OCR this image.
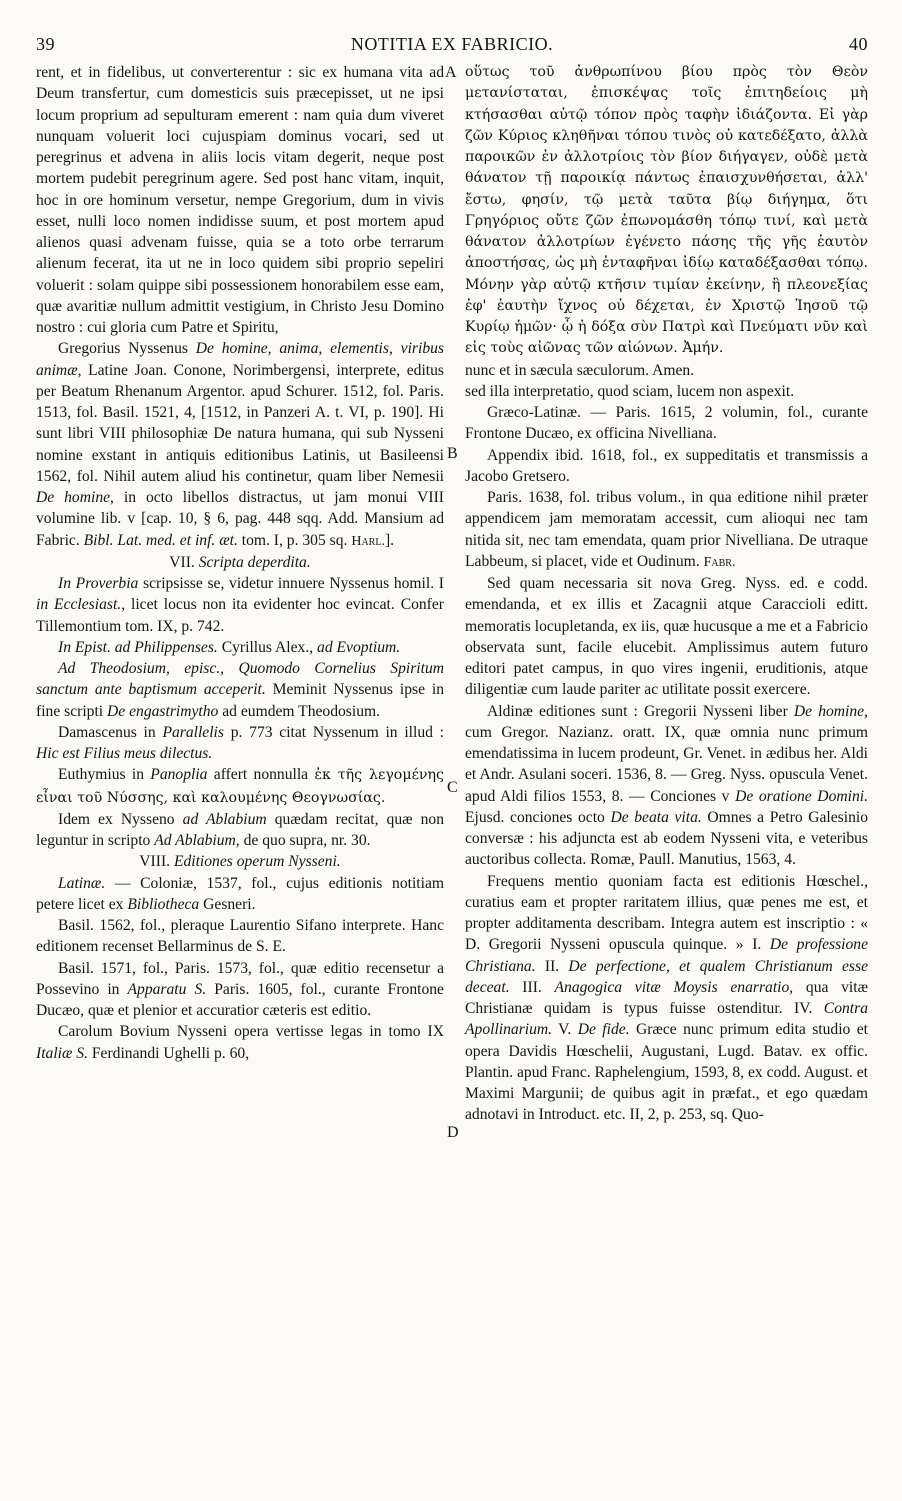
39	NOTITIA EX FABRICIO.	40
A
B
C
D

rent, et in fidelibus, ut converterentur : sic ex humana vita ad Deum transfertur, cum domesticis suis præcepisset, ut ne ipsi locum proprium ad sepulturam emerent : nam quia dum viveret nunquam voluerit loci cujuspiam dominus vocari, sed ut peregrinus et advena in aliis locis vitam degerit, neque post mortem pudebit peregrinum agere. Sed post hanc vitam, inquit, hoc in ore hominum versetur, nempe Gregorium, dum in vivis esset, nulli loco nomen indidisse suum, et post mortem apud alienos quasi advenam fuisse, quia se a toto orbe terrarum alienum fecerat, ita ut ne in loco quidem sibi proprio sepeliri voluerit : solam quippe sibi possessionem honorabilem esse eam, quæ avaritiæ nullum admittit vestigium, in Christo Jesu Domino nostro : cui gloria cum Patre et Spiritu,

Gregorius Nyssenus De homine, anima, elementis, viribus animæ, Latine Joan. Conone, Norimbergensi, interprete, editus per Beatum Rhenanum Argentor. apud Schurer. 1512, fol. Paris. 1513, fol. Basil. 1521, 4, [1512, in Panzeri A. t. VI, p. 190]. Hi sunt libri VIII philosophiæ De natura humana, qui sub Nysseni nomine exstant in antiquis editionibus Latinis, ut Basileensi 1562, fol. Nihil autem aliud his continetur, quam liber Nemesii De homine, in octo libellos distractus, ut jam monui VIII volumine lib. v [cap. 10, § 6, pag. 448 sqq. Add. Mansium ad Fabric. Bibl. Lat. med. et inf. æt. tom. I, p. 305 sq. Harl.].

VII. Scripta deperdita.

In Proverbia scripsisse se, videtur innuere Nyssenus homil. I in Ecclesiast., licet locus non ita evidenter hoc evincat. Confer Tillemontium tom. IX, p. 742.

In Epist. ad Philippenses. Cyrillus Alex., ad Evoptium.

Ad Theodosium, episc., Quomodo Cornelius Spiritum sanctum ante baptismum acceperit. Meminit Nyssenus ipse in fine scripti De engastrimytho ad eumdem Theodosium.

Damascenus in Parallelis p. 773 citat Nyssenum in illud : Hic est Filius meus dilectus.

Euthymius in Panoplia affert nonnulla ἐκ τῆς λεγομένης εἶναι τοῦ Νύσσης, καὶ καλουμένης Θεογνωσίας.

Idem ex Nysseno ad Ablabium quædam recitat, quæ non leguntur in scripto Ad Ablabium, de quo supra, nr. 30.

VIII. Editiones operum Nysseni.

Latinæ. — Coloniæ, 1537, fol., cujus editionis notitiam petere licet ex Bibliotheca Gesneri.

Basil. 1562, fol., pleraque Laurentio Sifano interprete. Hanc editionem recenset Bellarminus de S. E.

Basil. 1571, fol., Paris. 1573, fol., quæ editio recensetur a Possevino in Apparatu S. Paris. 1605, fol., curante Frontone Ducæo, quæ et plenior et accuratior cæteris est editio.

Carolum Bovium Nysseni opera vertisse legas in tomo IX Italiæ S. Ferdinandi Ughelli p. 60,

οὕτως τοῦ ἀνθρωπίνου βίου πρὸς τὸν Θεὸν μετανίσταται, ἐπισκέψας τοῖς ἐπιτηδείοις μὴ κτήσασθαι αὐτῷ τόπον πρὸς ταφὴν ἰδιάζοντα. Εἰ γὰρ ζῶν Κύριος κληθῆναι τόπου τινὸς οὐ κατεδέξατο, ἀλλὰ παροικῶν ἐν ἀλλοτρίοις τὸν βίον διήγαγεν, οὐδὲ μετὰ θάνατον τῇ παροικίᾳ πάντως ἐπαισχυνθήσεται, ἀλλ' ἔστω, φησίν, τῷ μετὰ ταῦτα βίῳ διήγημα, ὅτι Γρηγόριος οὔτε ζῶν ἐπωνομάσθη τόπῳ τινί, καὶ μετὰ θάνατον ἀλλοτρίων ἐγένετο πάσης τῆς γῆς ἑαυτὸν ἀποστήσας, ὡς μὴ ἐνταφῆναι ἰδίῳ καταδέξασθαι τόπῳ. Μόνην γὰρ αὐτῷ κτῆσιν τιμίαν ἐκείνην, ἣ πλεονεξίας ἐφ' ἑαυτὴν ἴχνος οὐ δέχεται, ἐν Χριστῷ Ἰησοῦ τῷ Κυρίῳ ἡμῶν· ᾧ ἡ δόξα σὺν Πατρὶ καὶ Πνεύματι νῦν καὶ εἰς τοὺς αἰῶνας τῶν αἰώνων. Ἀμήν.

nunc et in sæcula sæculorum. Amen.

sed illa interpretatio, quod sciam, lucem non aspexit.

Græco-Latinæ. — Paris. 1615, 2 volumin, fol., curante Frontone Ducæo, ex officina Nivelliana.

Appendix ibid. 1618, fol., ex suppeditatis et transmissis a Jacobo Gretsero.

Paris. 1638, fol. tribus volum., in qua editione nihil præter appendicem jam memoratam accessit, cum alioqui nec tam nitida sit, nec tam emendata, quam prior Nivelliana. De utraque Labbeum, si placet, vide et Oudinum. Fabr.

Sed quam necessaria sit nova Greg. Nyss. ed. e codd. emendanda, et ex illis et Zacagnii atque Caraccioli editt. memoratis locupletanda, ex iis, quæ hucusque a me et a Fabricio observata sunt, facile elucebit. Amplissimus autem futuro editori patet campus, in quo vires ingenii, eruditionis, atque diligentiæ cum laude pariter ac utilitate possit exercere.

Aldinæ editiones sunt : Gregorii Nysseni liber De homine, cum Gregor. Nazianz. oratt. IX, quæ omnia nunc primum emendatissima in lucem prodeunt, Gr. Venet. in ædibus her. Aldi et Andr. Asulani soceri. 1536, 8. — Greg. Nyss. opuscula Venet. apud Aldi filios 1553, 8. — Conciones v De oratione Domini. Ejusd. conciones octo De beata vita. Omnes a Petro Galesinio conversæ : his adjuncta est ab eodem Nysseni vita, e veteribus auctoribus collecta. Romæ, Paull. Manutius, 1563, 4.

Frequens mentio quoniam facta est editionis Hœschel., curatius eam et propter raritatem illius, quæ penes me est, et propter additamenta describam. Integra autem est inscriptio : « D. Gregorii Nysseni opuscula quinque. » I. De professione Christiana. II. De perfectione, et qualem Christianum esse deceat. III. Anagogica vitæ Moysis enarratio, qua vitæ Christianæ quidam is typus fuisse ostenditur. IV. Contra Apollinarium. V. De fide. Græce nunc primum edita studio et opera Davidis Hœschelii, Augustani, Lugd. Batav. ex offic. Plantin. apud Franc. Raphelengium, 1593, 8, ex codd. August. et Maximi Margunii; de quibus agit in præfat., et ego quædam adnotavi in Introduct. etc. II, 2, p. 253, sq. Quo-
